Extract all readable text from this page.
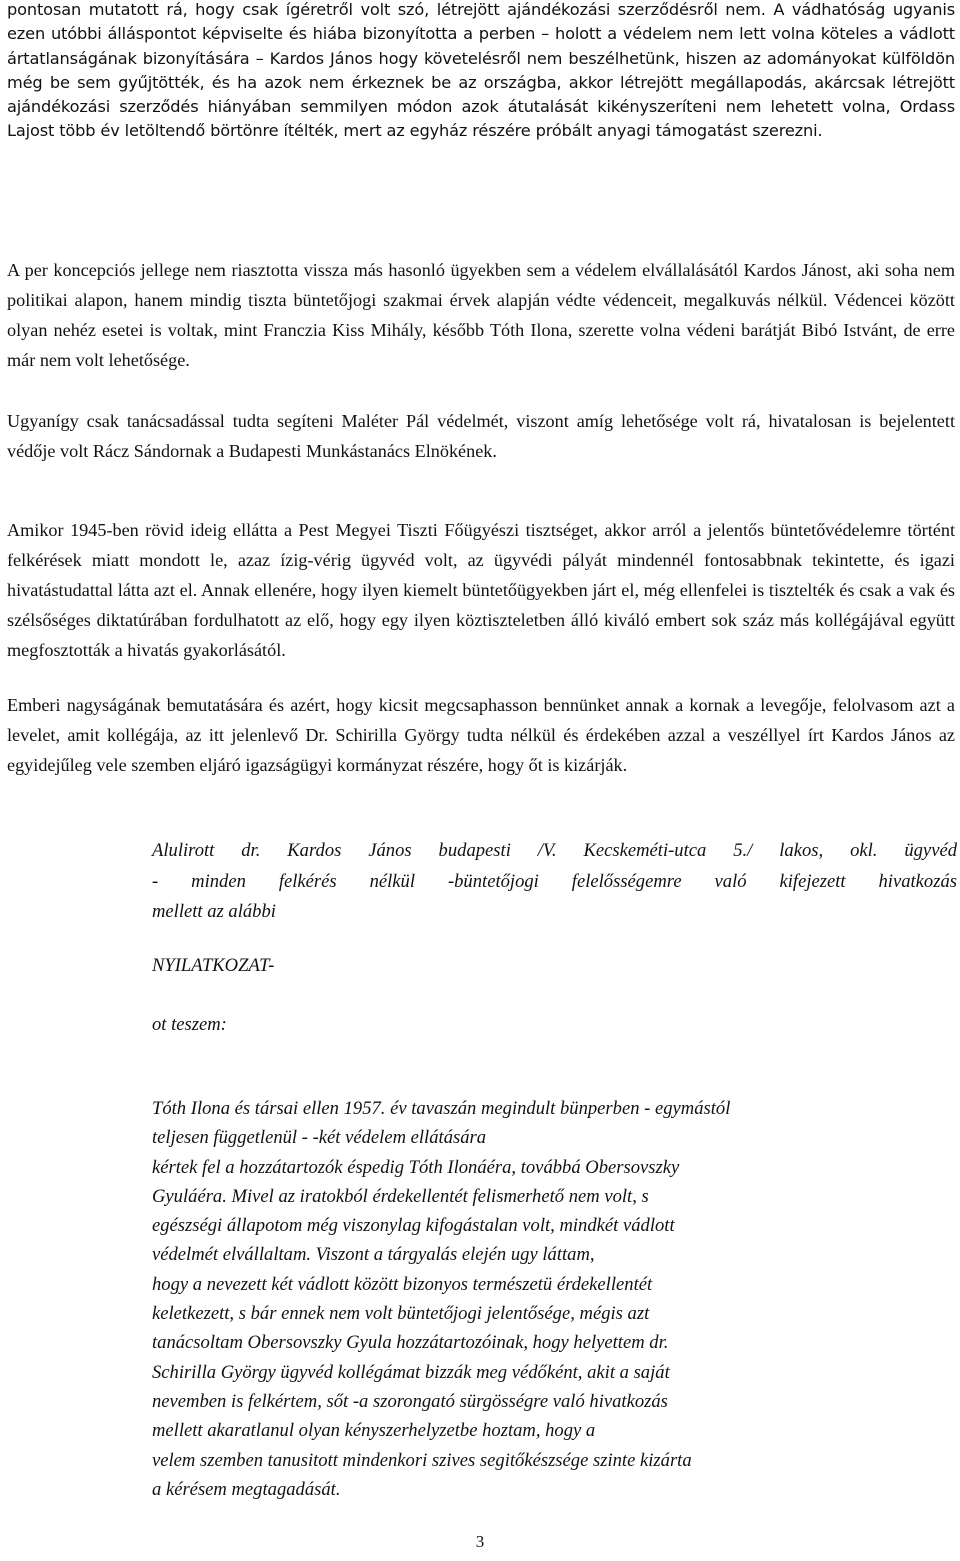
pontosan mutatott rá, hogy csak ígéretről volt szó, létrejött ajándékozási szerződésről nem. A vádhatóság ugyanis ezen utóbbi álláspontot képviselte és hiába bizonyította a perben – holott a védelem nem lett volna köteles a vádlott ártatlanságának bizonyítására – Kardos János hogy követelésről nem beszélhetünk, hiszen az adományokat külföldön még be sem gyűjtötték, és ha azok nem érkeznek be az országba, akkor létrejött megállapodás, akárcsak létrejött ajándékozási szerződés hiányában semmilyen módon azok átutalását kikényszeríteni nem lehetett volna, Ordass Lajost több év letöltendő börtönre ítélték, mert az egyház részére próbált anyagi támogatást szerezni.

A per koncepciós jellege nem riasztotta vissza más hasonló ügyekben sem a védelem elvállalásától Kardos Jánost, aki soha nem politikai alapon, hanem mindig tiszta büntetőjogi szakmai érvek alapján védte védenceit, megalkuvás nélkül. Védencei között olyan nehéz esetei is voltak, mint Franczia Kiss Mihály, később Tóth Ilona, szerette volna védeni barátját Bibó Istvánt, de erre már nem volt lehetősége.

Ugyanígy csak tanácsadással tudta segíteni Maléter Pál védelmét, viszont amíg lehetősége volt rá, hivatalosan is bejelentett védője volt Rácz Sándornak a Budapesti Munkástanács Elnökének.

Amikor 1945-ben rövid ideig ellátta a Pest Megyei Tiszti Főügyészi tisztséget, akkor arról a jelentős büntetővédelemre történt felkérések miatt mondott le, azaz ízig-vérig ügyvéd volt, az ügyvédi pályát mindennél fontosabbnak tekintette, és igazi hivatástudattal látta azt el. Annak ellenére, hogy ilyen kiemelt büntetőügyekben járt el, még ellenfelei is tisztelték és csak a vak és szélsőséges diktatúrában fordulhatott az elő, hogy egy ilyen köztiszteletben álló kiváló embert sok száz más kollégájával együtt megfosztották a hivatás gyakorlásától.

Emberi nagyságának bemutatására és azért, hogy kicsit megcsaphasson bennünket annak a kornak a levegője, felolvasom azt a levelet, amit kollégája, az itt jelenlevő Dr. Schirilla György tudta nélkül és érdekében azzal a veszéllyel írt Kardos János az egyidejűleg vele szemben eljáró igazságügyi kormányzat részére, hogy őt is kizárják.

Alulirott dr. Kardos János budapesti /V. Kecskeméti-utca 5./ lakos, okl. ügyvéd
- minden felkérés nélkül -büntetőjogi felelősségemre való kifejezett hivatkozás
mellett az alábbi
NYILATKOZAT-
ot teszem:
Tóth Ilona és társai ellen 1957. év tavaszán megindult bünperben - egymástól
teljesen függetlenül - -két védelem ellátására
kértek fel a hozzátartozók éspedig Tóth Ilonáéra, továbbá Obersovszky
Gyuláéra. Mivel az iratokból érdekellentét felismerhető nem volt, s
egészségi állapotom még viszonylag kifogástalan volt, mindkét vádlott
védelmét elvállaltam. Viszont a tárgyalás elején ugy láttam,
hogy a nevezett két vádlott között bizonyos természetü érdekellentét
keletkezett, s bár ennek nem volt büntetőjogi jelentősége, mégis azt
tanácsoltam Obersovszky Gyula hozzátartozóinak, hogy helyettem dr.
Schirilla György ügyvéd kollégámat bizzák meg védőként, akit a saját
nevemben is felkértem, sőt -a szorongató sürgösségre való hivatkozás
mellett akaratlanul olyan kényszerhelyzetbe hoztam, hogy a
velem szemben tanusitott mindenkori szives segitőkészsége szinte kizárta
a kérésem megtagadását.
3
